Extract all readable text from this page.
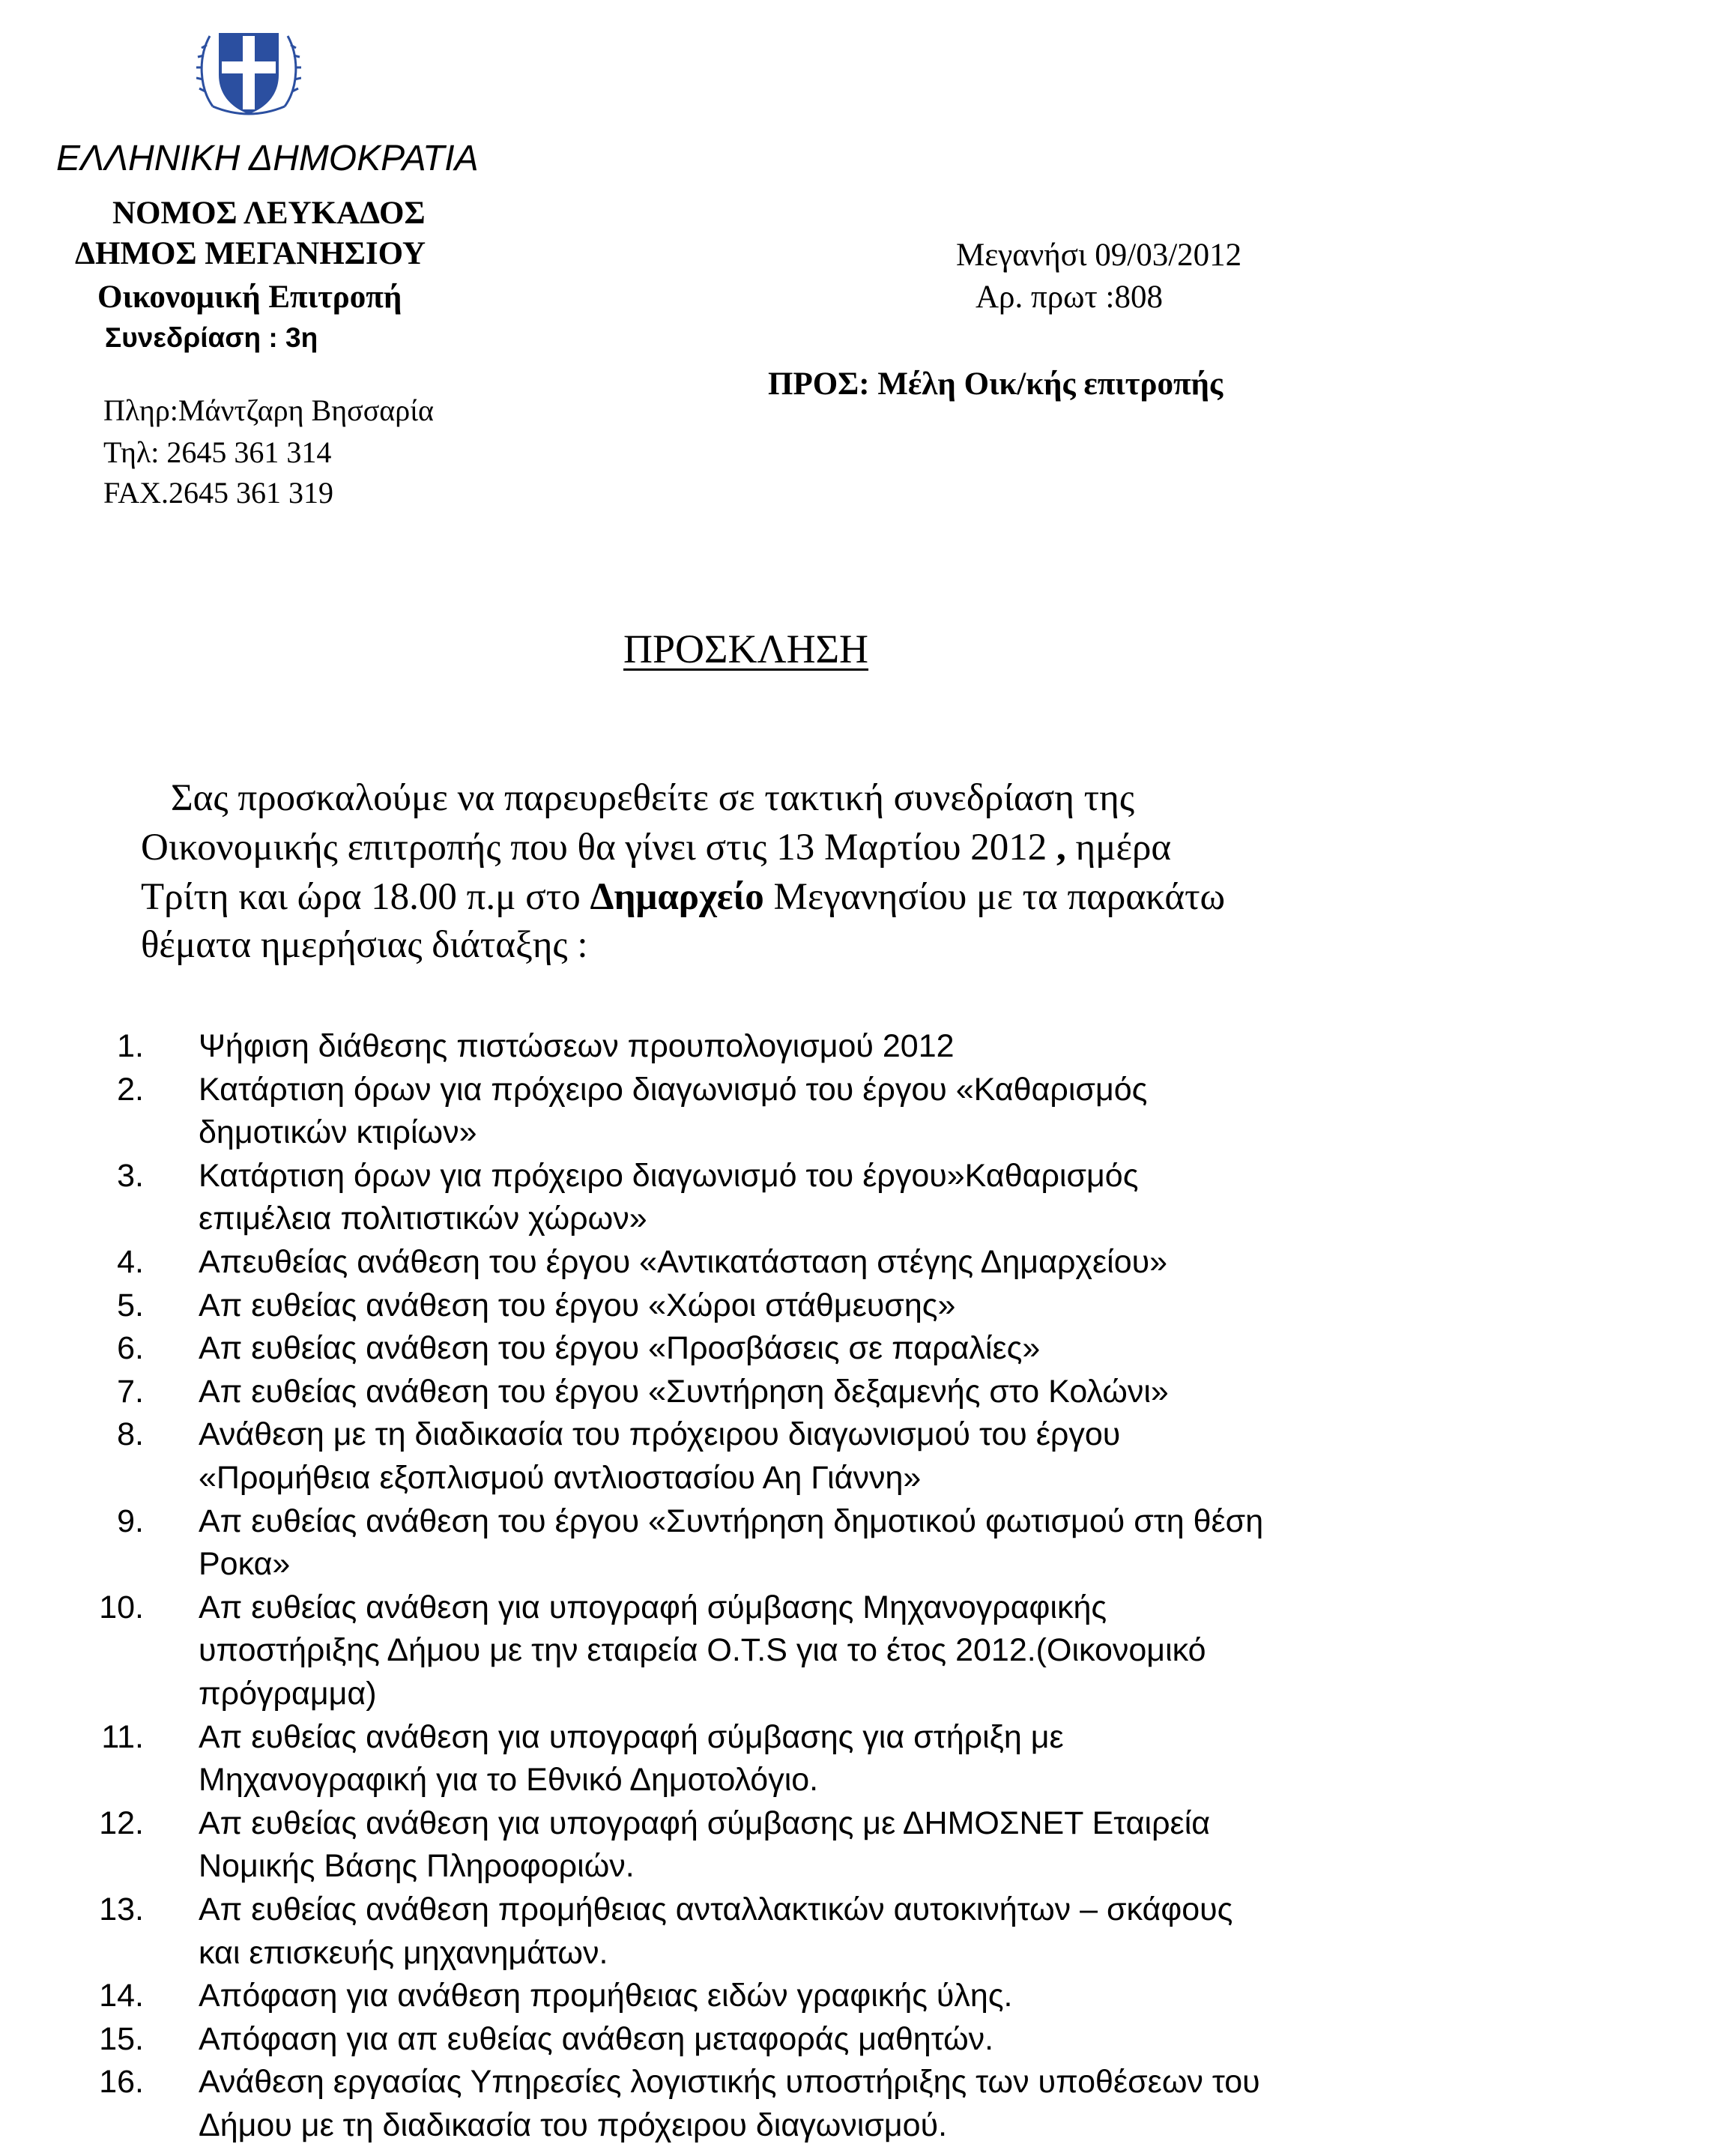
ΕΛΛΗΝΙΚΗ ΔΗΜΟΚΡΑΤΙΑ
ΝΟΜΟΣ ΛΕΥΚΑΔΟΣ
ΔΗΜΟΣ ΜΕΓΑΝΗΣΙΟΥ
Οικονομική Επιτροπή
Συνεδρίαση : 3η
Πληρ:Μάντζαρη Βησσαρία
Τηλ: 2645 361 314
FAX.2645 361 319
Μεγανήσι 09/03/2012
Αρ. πρωτ :808
ΠΡΟΣ: Μέλη Οικ/κής επιτροπής
ΠΡΟΣΚΛΗΣΗ
Σας προσκαλούμε να παρευρεθείτε σε τακτική συνεδρίαση της
Οικονομικής επιτροπής που θα γίνει στις 13 Μαρτίου 2012 , ημέρα
Τρίτη και ώρα 18.00 π.μ στο Δημαρχείο Μεγανησίου με τα παρακάτω
θέματα ημερήσιας διάταξης :
1. Ψήφιση διάθεσης πιστώσεων προυπολογισμού 2012
2. Κατάρτιση όρων για πρόχειρο διαγωνισμό του έργου «Καθαρισμός
δημοτικών κτιρίων»
3. Κατάρτιση όρων για πρόχειρο διαγωνισμό του έργου»Καθαρισμός
επιμέλεια πολιτιστικών χώρων»
4. Απευθείας ανάθεση του έργου «Αντικατάσταση στέγης Δημαρχείου»
5. Απ ευθείας ανάθεση του έργου «Χώροι στάθμευσης»
6. Απ ευθείας ανάθεση του έργου «Προσβάσεις σε παραλίες»
7. Απ ευθείας ανάθεση του έργου «Συντήρηση δεξαμενής στο Κολώνι»
8. Ανάθεση με τη διαδικασία του πρόχειρου διαγωνισμού του έργου
«Προμήθεια εξοπλισμού αντλιοστασίου Αη Γιάννη»
9. Απ ευθείας ανάθεση του έργου «Συντήρηση δημοτικού φωτισμού στη θέση
Ροκα»
10. Απ ευθείας ανάθεση για υπογραφή σύμβασης Μηχανογραφικής
υποστήριξης Δήμου με την εταιρεία O.T.S για το έτος 2012.(Οικονομικό
πρόγραμμα)
11. Απ ευθείας ανάθεση για υπογραφή σύμβασης για στήριξη με
Μηχανογραφική για το Εθνικό Δημοτολόγιο.
12. Απ ευθείας ανάθεση για υπογραφή σύμβασης με ΔΗΜΟΣΝΕΤ Εταιρεία
Νομικής Βάσης Πληροφοριών.
13. Απ ευθείας ανάθεση προμήθειας ανταλλακτικών αυτοκινήτων – σκάφους
και επισκευής μηχανημάτων.
14. Απόφαση για ανάθεση προμήθειας ειδών γραφικής ύλης.
15. Απόφαση για απ ευθείας ανάθεση μεταφοράς μαθητών.
16. Ανάθεση εργασίας Υπηρεσίες λογιστικής υποστήριξης των υποθέσεων του
Δήμου με τη διαδικασία του πρόχειρου διαγωνισμού.
